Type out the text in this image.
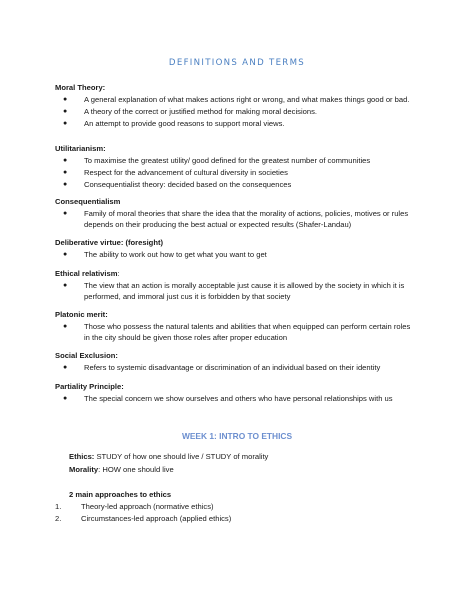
DEFINITIONS AND TERMS

Moral Theory:

● A general explanation of what makes actions right or wrong, and what makes things good or bad.
● A theory of the correct or justified method for making moral decisions.
● An attempt to provide good reasons to support moral views.

Utilitarianism:

● To maximise the greatest utility/ good defined for the greatest number of communities
● Respect for the advancement of cultural diversity in societies
● Consequentialist theory: decided based on the consequences

Consequentialism

● Family of moral theories that share the idea that the morality of actions, policies, motives or rules depends on their producing the best actual or expected results (Shafer-Landau)

Deliberative virtue: (foresight)

● The ability to work out how to get what you want to get

Ethical relativism:

● The view that an action is morally acceptable just cause it is allowed by the society in which it is performed, and immoral just cus it is forbidden by that society

Platonic merit:

● Those who possess the natural talents and abilities that when equipped can perform certain roles in the city should be given those roles after proper education

Social Exclusion:

● Refers to systemic disadvantage or discrimination of an individual based on their identity

Partiality Principle:

● The special concern we show ourselves and others who have personal relationships with us
WEEK 1: INTRO TO ETHICS
Ethics: STUDY of how one should live / STUDY of morality
Morality: HOW one should live

2 main approaches to ethics

1.	Theory-led approach (normative ethics)
2.	Circumstances-led approach (applied ethics)
